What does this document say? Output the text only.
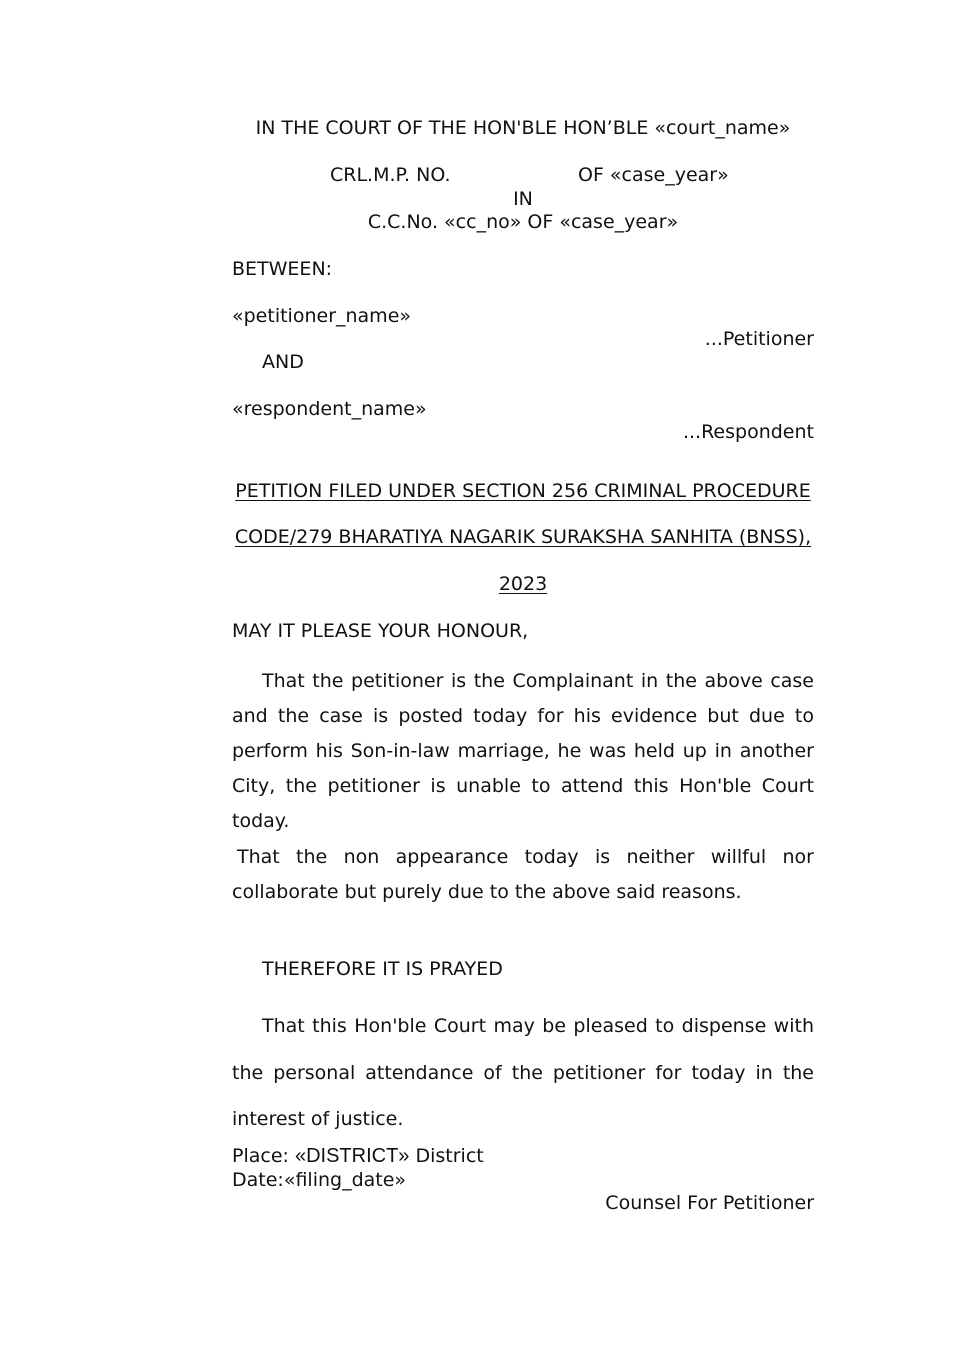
IN THE COURT OF THE HON'BLE HON’BLE «court_name»
CRL.M.P. NO.	OF «case_year»
IN
C.C.No. «cc_no» OF «case_year»
BETWEEN:
«petitioner_name»
...Petitioner
AND
«respondent_name»
...Respondent
PETITION FILED UNDER SECTION 256 CRIMINAL PROCEDURE
CODE/279 BHARATIYA NAGARIK SURAKSHA SANHITA (BNSS),
2023
MAY IT PLEASE YOUR HONOUR,
That the petitioner is the Complainant in the above case and the case is posted today for his evidence but due to perform his Son-in-law marriage, he was held up in another City, the petitioner is unable to attend this Hon'ble Court today.
That the non appearance today is neither willful nor collaborate but purely due to the above said reasons.
THEREFORE IT IS PRAYED
That this Hon'ble Court may be pleased to dispense with the personal attendance of the petitioner for today in the interest of justice.
Place: «DISTRICT» District
Date:«filing_date»
Counsel For Petitioner
